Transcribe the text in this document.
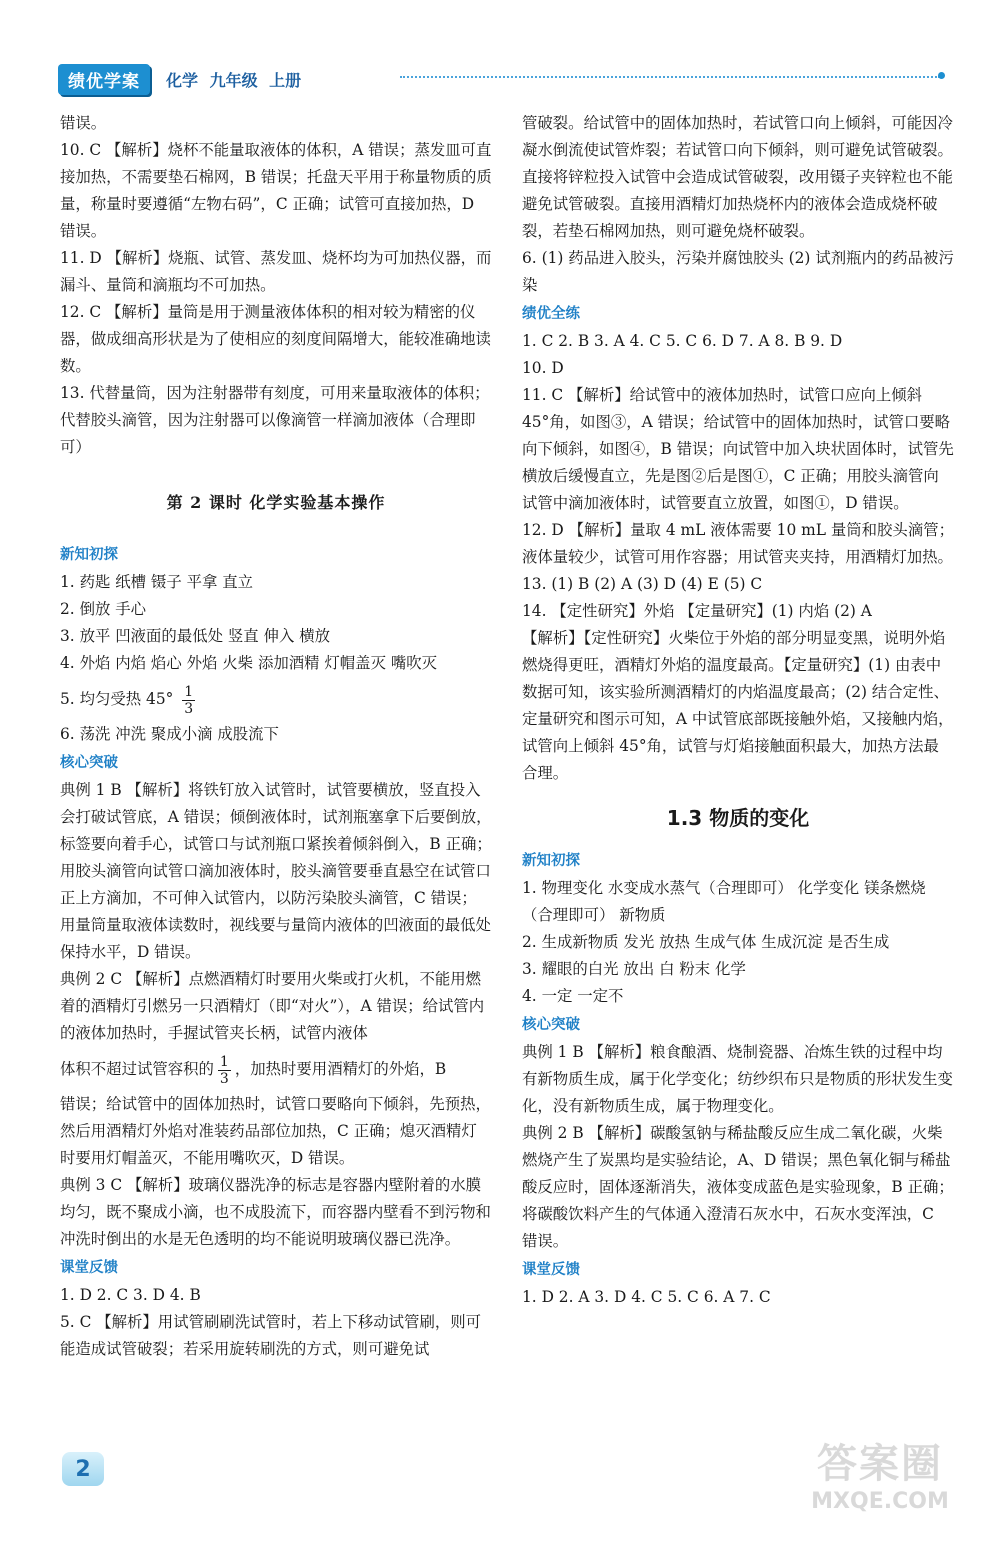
绩优学案	化学 九年级 上册

错误。

10. C 【解析】烧杯不能量取液体的体积，A 错误；蒸发皿可直接加热，不需要垫石棉网，B 错误；托盘天平用于称量物质的质量，称量时要遵循“左物右码”，C 正确；试管可直接加热，D 错误。

11. D 【解析】烧瓶、试管、蒸发皿、烧杯均为可加热仪器，而漏斗、量筒和滴瓶均不可加热。

12. C 【解析】量筒是用于测量液体体积的相对较为精密的仪器，做成细高形状是为了使相应的刻度间隔增大，能较准确地读数。

13. 代替量筒，因为注射器带有刻度，可用来量取液体的体积；代替胶头滴管，因为注射器可以像滴管一样滴加液体（合理即可）

第 2 课时 化学实验基本操作
新知初探

1. 药匙 纸槽 镊子 平拿 直立

2. 倒放 手心

3. 放平 凹液面的最低处 竖直 伸入 横放

4. 外焰 内焰 焰心 外焰 火柴 添加酒精 灯帽盖灭 嘴吹灭

5. 均匀受热 $45^\circ \frac{1}{3}$

6. 荡洗 冲洗 聚成小滴 成股流下

核心突破

典例 1 B 【解析】将铁钉放入试管时，试管要横放，竖直投入会打破试管底，A 错误；倾倒液体时，试剂瓶塞拿下后要倒放，标签要向着手心，试管口与试剂瓶口紧挨着倾斜倒入，B 正确；用胶头滴管向试管口滴加液体时，胶头滴管要垂直悬空在试管口正上方滴加，不可伸入试管内，以防污染胶头滴管，C 错误；用量筒量取液体读数时，视线要与量筒内液体的凹液面的最低处保持水平，D 错误。

典例 2 C 【解析】点燃酒精灯时要用火柴或打火机，不能用燃着的酒精灯引燃另一只酒精灯（即“对火”），A 错误；给试管内的液体加热时，手握试管夹长柄，试管内液体

体积不超过试管容积的 $\frac{1}{3}$ ，加热时要用酒精灯的外焰，B

错误；给试管中的固体加热时，试管口要略向下倾斜，先预热，然后用酒精灯外焰对准装药品部位加热，C 正确；熄灭酒精灯时要用灯帽盖灭，不能用嘴吹灭，D 错误。

典例 3 C 【解析】玻璃仪器洗净的标志是容器内壁附着的水膜均匀，既不聚成小滴，也不成股流下，而容器内壁看不到污物和冲洗时倒出的水是无色透明的均不能说明玻璃仪器已洗净。

课堂反馈

1. D 2. C 3. D 4. B

5. C 【解析】用试管刷刷洗试管时，若上下移动试管刷，则可能造成试管破裂；若采用旋转刷洗的方式，则可避免试

管破裂。给试管中的固体加热时，若试管口向上倾斜，可能因冷凝水倒流使试管炸裂；若试管口向下倾斜，则可避免试管破裂。直接将锌粒投入试管中会造成试管破裂，改用镊子夹锌粒也不能避免试管破裂。直接用酒精灯加热烧杯内的液体会造成烧杯破裂，若垫石棉网加热，则可避免烧杯破裂。

6. (1) 药品进入胶头，污染并腐蚀胶头 (2) 试剂瓶内的药品被污染

绩优全练

1. C 2. B 3. A 4. C 5. C 6. D 7. A 8. B 9. D

10. D

11. C 【解析】给试管中的液体加热时，试管口应向上倾斜 45°角，如图③，A 错误；给试管中的固体加热时，试管口要略向下倾斜，如图④，B 错误；向试管中加入块状固体时，试管先横放后缓慢直立，先是图②后是图①，C 正确；用胶头滴管向试管中滴加液体时，试管要直立放置，如图①，D 错误。

12. D 【解析】量取 4 mL 液体需要 10 mL 量筒和胶头滴管；液体量较少，试管可用作容器；用试管夹夹持，用酒精灯加热。

13. (1) B (2) A (3) D (4) E (5) C

14. 【定性研究】外焰 【定量研究】(1) 内焰 (2) A

【解析】【定性研究】火柴位于外焰的部分明显变黑，说明外焰燃烧得更旺，酒精灯外焰的温度最高。【定量研究】(1) 由表中数据可知，该实验所测酒精灯的内焰温度最高；(2) 结合定性、定量研究和图示可知，A 中试管底部既接触外焰，又接触内焰，试管向上倾斜 45°角，试管与灯焰接触面积最大，加热方法最合理。

1.3 物质的变化
新知初探

1. 物理变化 水变成水蒸气（合理即可） 化学变化 镁条燃烧（合理即可） 新物质

2. 生成新物质 发光 放热 生成气体 生成沉淀 是否生成

3. 耀眼的白光 放出 白 粉末 化学

4. 一定 一定不

核心突破

典例 1 B 【解析】粮食酿酒、烧制瓷器、冶炼生铁的过程中均有新物质生成，属于化学变化；纺纱织布只是物质的形状发生变化，没有新物质生成，属于物理变化。

典例 2 B 【解析】碳酸氢钠与稀盐酸反应生成二氧化碳，火柴燃烧产生了炭黑均是实验结论，A、D 错误；黑色氧化铜与稀盐酸反应时，固体逐渐消失，液体变成蓝色是实验现象，B 正确；将碳酸饮料产生的气体通入澄清石灰水中，石灰水变浑浊，C 错误。

课堂反馈

1. D 2. A 3. D 4. C 5. C 6. A 7. C

2	答案圈
MXQE.COM
